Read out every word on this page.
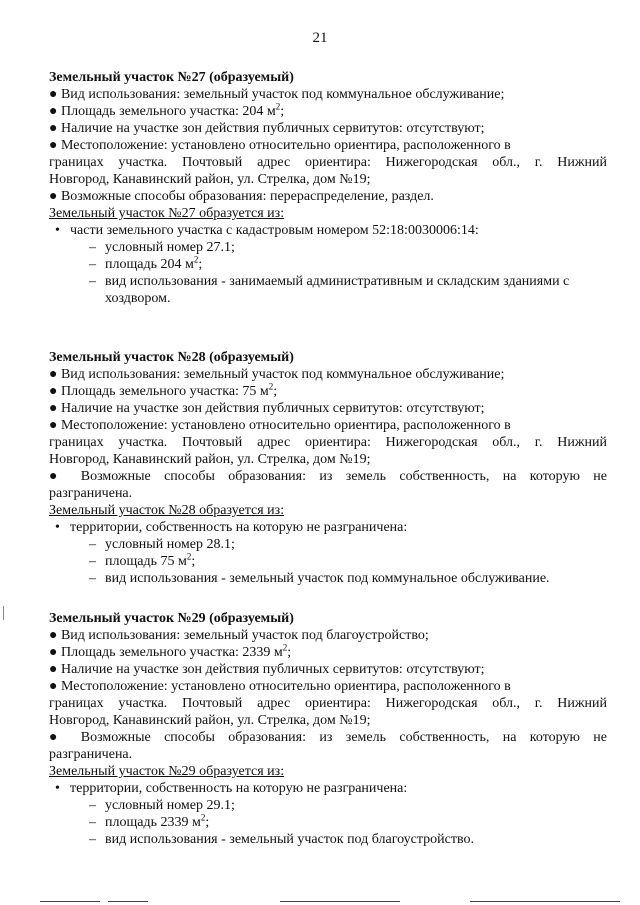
21
Земельный участок №27 (образуемый)
● Вид использования: земельный участок под коммунальное обслуживание;
● Площадь земельного участка: 204 $м^2$;
● Наличие на участке зон действия публичных сервитутов: отсутствуют;
● Местоположение: установлено относительно ориентира, расположенного в
границах участка. Почтовый адрес ориентира: Нижегородская обл., г. Нижний
Новгород, Канавинский район, ул. Стрелка, дом №19;
● Возможные способы образования: перераспределение, раздел.
Земельный участок №27 образуется из:
• части земельного участка с кадастровым номером 52:18:0030006:14:
– условный номер 27.1;
– площадь 204 $м^2$;
– вид использования - занимаемый административным и складским зданиями с
хоздвором.
Земельный участок №28 (образуемый)
● Вид использования: земельный участок под коммунальное обслуживание;
● Площадь земельного участка: 75 $м^2$;
● Наличие на участке зон действия публичных сервитутов: отсутствуют;
● Местоположение: установлено относительно ориентира, расположенного в
границах участка. Почтовый адрес ориентира: Нижегородская обл., г. Нижний
Новгород, Канавинский район, ул. Стрелка, дом №19;
● Возможные способы образования: из земель собственность, на которую не
разграничена.
Земельный участок №28 образуется из:
• территории, собственность на которую не разграничена:
– условный номер 28.1;
– площадь 75 $м^2$;
– вид использования - земельный участок под коммунальное обслуживание.
Земельный участок №29 (образуемый)
● Вид использования: земельный участок под благоустройство;
● Площадь земельного участка: 2339 $м^2$;
● Наличие на участке зон действия публичных сервитутов: отсутствуют;
● Местоположение: установлено относительно ориентира, расположенного в
границах участка. Почтовый адрес ориентира: Нижегородская обл., г. Нижний
Новгород, Канавинский район, ул. Стрелка, дом №19;
● Возможные способы образования: из земель собственность, на которую не
разграничена.
Земельный участок №29 образуется из:
• территории, собственность на которую не разграничена:
– условный номер 29.1;
– площадь 2339 $м^2$;
– вид использования - земельный участок под благоустройство.
